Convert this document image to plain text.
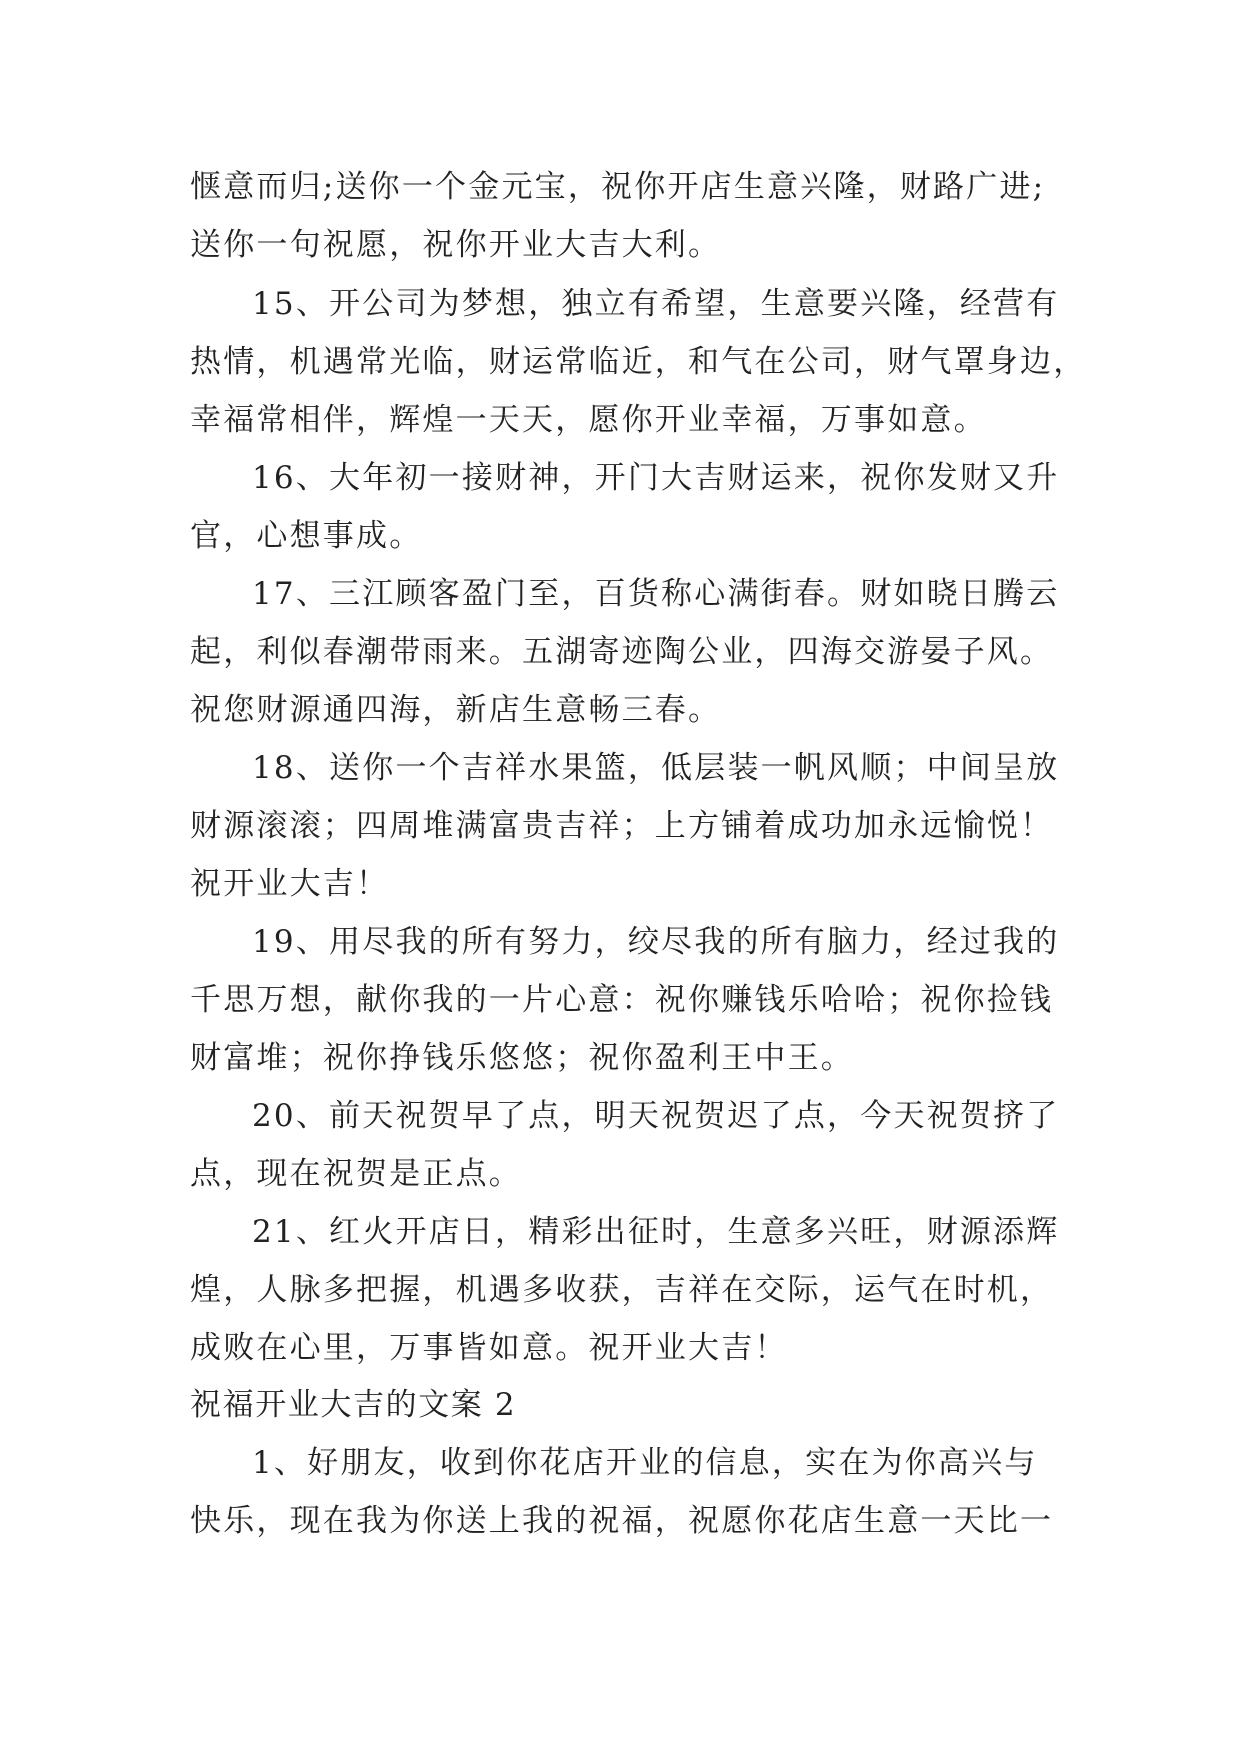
惬意而归;送你一个金元宝，祝你开店生意兴隆，财路广进;
送你一句祝愿，祝你开业大吉大利。
15、开公司为梦想，独立有希望，生意要兴隆，经营有
热情，机遇常光临，财运常临近，和气在公司，财气罩身边，
幸福常相伴，辉煌一天天，愿你开业幸福，万事如意。
16、大年初一接财神，开门大吉财运来，祝你发财又升
官，心想事成。
17、三江顾客盈门至，百货称心满街春。财如晓日腾云
起，利似春潮带雨来。五湖寄迹陶公业，四海交游晏子风。
祝您财源通四海，新店生意畅三春。
18、送你一个吉祥水果篮，低层装一帆风顺；中间呈放
财源滚滚；四周堆满富贵吉祥；上方铺着成功加永远愉悦！
祝开业大吉！
19、用尽我的所有努力，绞尽我的所有脑力，经过我的
千思万想，献你我的一片心意：祝你赚钱乐哈哈；祝你捡钱
财富堆；祝你挣钱乐悠悠；祝你盈利王中王。
20、前天祝贺早了点，明天祝贺迟了点，今天祝贺挤了
点，现在祝贺是正点。
21、红火开店日，精彩出征时，生意多兴旺，财源添辉
煌，人脉多把握，机遇多收获，吉祥在交际，运气在时机，
成败在心里，万事皆如意。祝开业大吉！
祝福开业大吉的文案 2
1、好朋友，收到你花店开业的信息，实在为你高兴与
快乐，现在我为你送上我的祝福，祝愿你花店生意一天比一
